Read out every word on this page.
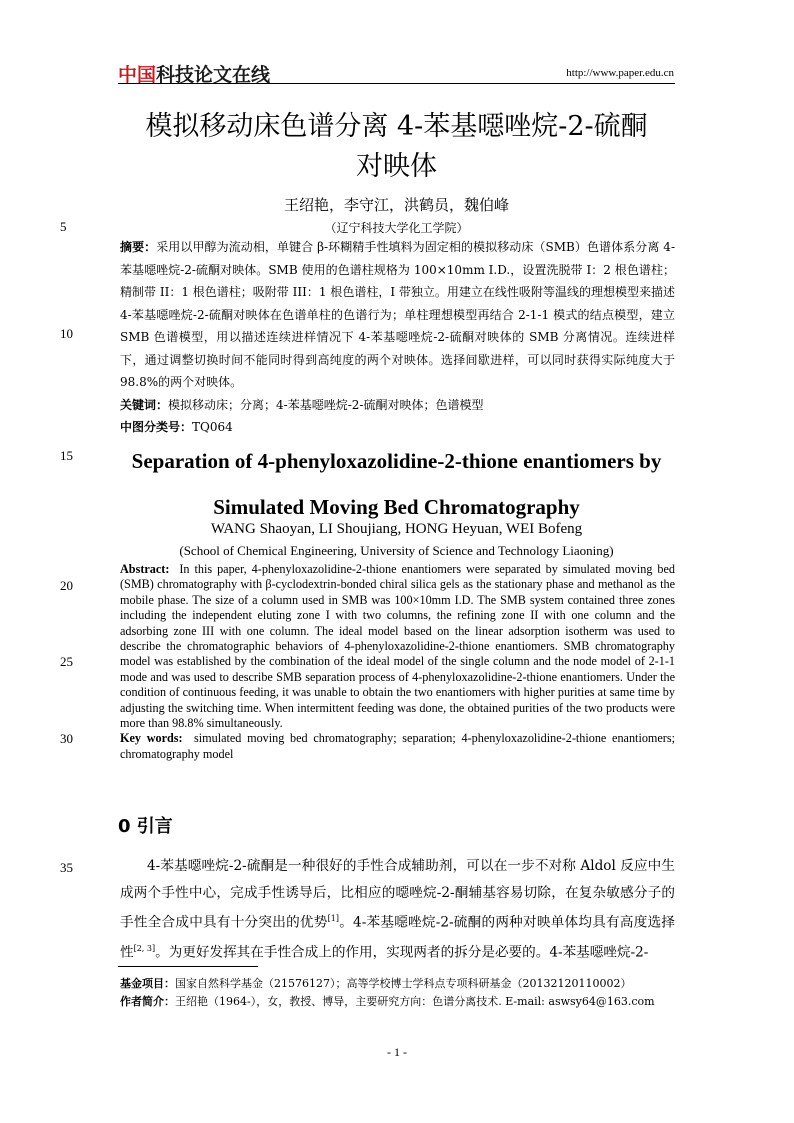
中国科技论文在线	http://www.paper.edu.cn
模拟移动床色谱分离 4-苯基噁唑烷-2-硫酮
对映体
王绍艳，李守江，洪鹤员，魏伯峰
（辽宁科技大学化工学院）
摘要：采用以甲醇为流动相，单键合 β-环糊精手性填料为固定相的模拟移动床（SMB）色谱体系分离 4-苯基噁唑烷-2-硫酮对映体。SMB 使用的色谱柱规格为 100×10mm I.D.，设置洗脱带 I：2 根色谱柱；精制带 II：1 根色谱柱；吸附带 III：1 根色谱柱，I 带独立。用建立在线性吸附等温线的理想模型来描述 4-苯基噁唑烷-2-硫酮对映体在色谱单柱的色谱行为；单柱理想模型再结合 2-1-1 模式的结点模型，建立 SMB 色谱模型，用以描述连续进样情况下 4-苯基噁唑烷-2-硫酮对映体的 SMB 分离情况。连续进样下，通过调整切换时间不能同时得到高纯度的两个对映体。选择间歇进样，可以同时获得实际纯度大于 98.8%的两个对映体。
关键词：模拟移动床；分离；4-苯基噁唑烷-2-硫酮对映体；色谱模型
中图分类号：TQ064
Separation of 4-phenyloxazolidine-2-thione enantiomers by
Simulated Moving Bed Chromatography
WANG Shaoyan, LI Shoujiang, HONG Heyuan, WEI Bofeng
(School of Chemical Engineering, University of Science and Technology Liaoning)
Abstract: In this paper, 4-phenyloxazolidine-2-thione enantiomers were separated by simulated moving bed (SMB) chromatography with β-cyclodextrin-bonded chiral silica gels as the stationary phase and methanol as the mobile phase. The size of a column used in SMB was 100×10mm I.D. The SMB system contained three zones including the independent eluting zone I with two columns, the refining zone II with one column and the adsorbing zone III with one column. The ideal model based on the linear adsorption isotherm was used to describe the chromatographic behaviors of 4-phenyloxazolidine-2-thione enantiomers. SMB chromatography model was established by the combination of the ideal model of the single column and the node model of 2-1-1 mode and was used to describe SMB separation process of 4-phenyloxazolidine-2-thione enantiomers. Under the condition of continuous feeding, it was unable to obtain the two enantiomers with higher purities at same time by adjusting the switching time. When intermittent feeding was done, the obtained purities of the two products were more than 98.8% simultaneously.
Key words: simulated moving bed chromatography; separation; 4-phenyloxazolidine-2-thione enantiomers; chromatography model
0 引言
4-苯基噁唑烷-2-硫酮是一种很好的手性合成辅助剂，可以在一步不对称 Aldol 反应中生成两个手性中心，完成手性诱导后，比相应的噁唑烷-2-酮辅基容易切除，在复杂敏感分子的手性全合成中具有十分突出的优势[1]。4-苯基噁唑烷-2-硫酮的两种对映单体均具有高度选择性[2, 3]。为更好发挥其在手性合成上的作用，实现两者的拆分是必要的。4-苯基噁唑烷-2-
5
10
15
20
25
30
35
基金项目：国家自然科学基金（21576127）；高等学校博士学科点专项科研基金（20132120110002）
作者简介：王绍艳（1964-），女，教授、博导，主要研究方向：色谱分离技术. E-mail: aswsy64@163.com
- 1 -
